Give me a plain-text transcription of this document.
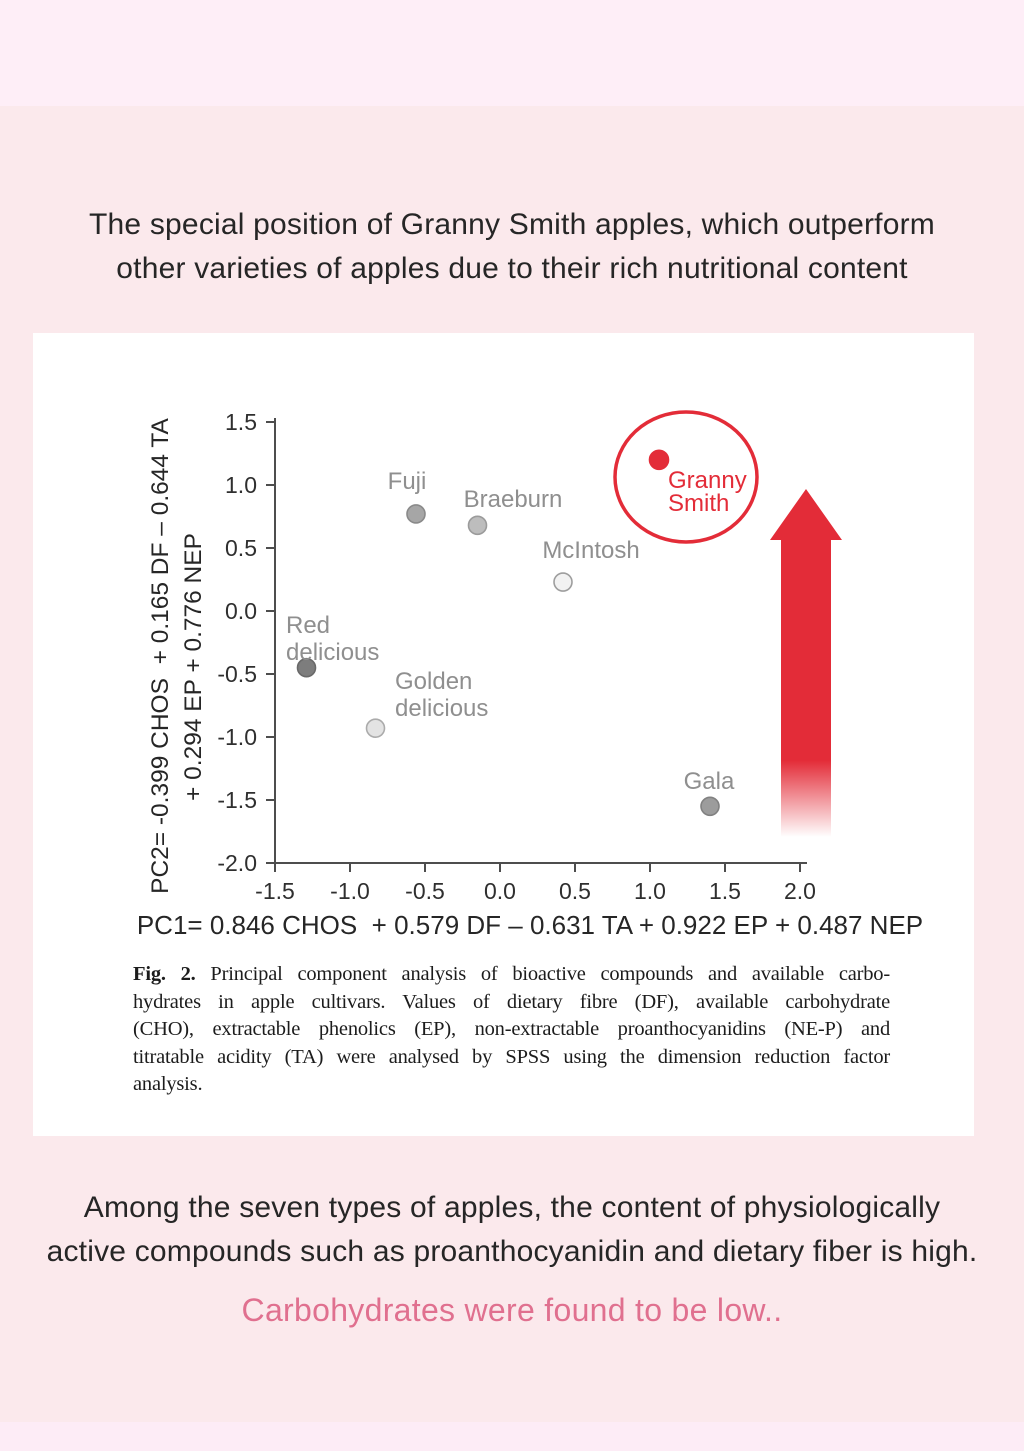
The special position of Granny Smith apples, which outperform
other varieties of apples due to their rich nutritional content
-1.5 -1.0 -0.5 0.0 0.5 1.0 1.5 2.0
1.5
1.0
0.5
0.0
-0.5
-1.0
-1.5
-2.0
PC1= 0.846 CHOS  + 0.579 DF – 0.631 TA + 0.922 EP + 0.487 NEP
PC2= -0.399 CHOS  + 0.165 DF – 0.644 TA + 0.294 EP + 0.776 NEP
Fuji
Braeburn
McIntosh
Granny
Smith
Red
delicious
Golden
delicious
Gala
Fig. 2. Principal component analysis of bioactive compounds and available carbo-
hydrates in apple cultivars. Values of dietary fibre (DF), available carbohydrate
(CHO), extractable phenolics (EP), non-extractable proanthocyanidins (NE-P) and
titratable acidity (TA) were analysed by SPSS using the dimension reduction factor
analysis.
Among the seven types of apples, the content of physiologically
active compounds such as proanthocyanidin and dietary fiber is high.
Carbohydrates were found to be low..
